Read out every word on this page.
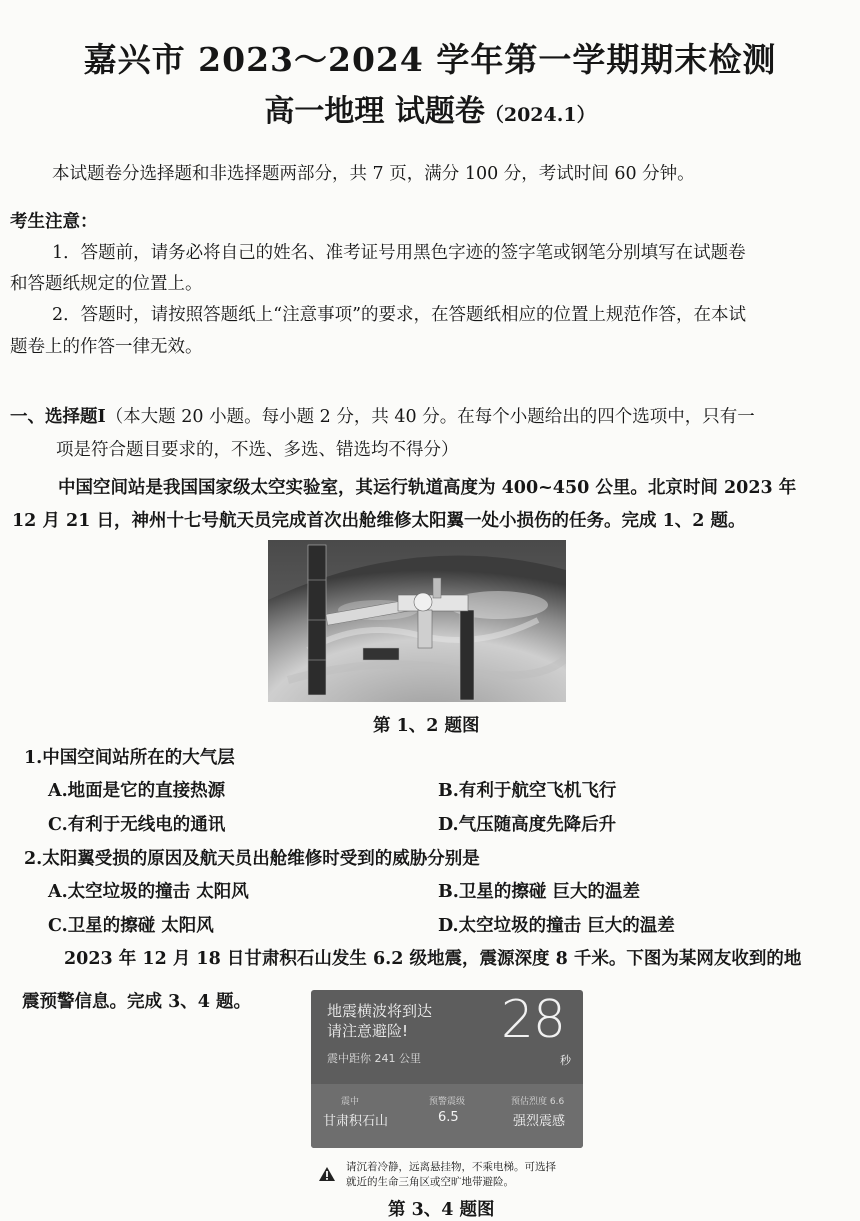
嘉兴市 2023～2024 学年第一学期期末检测
高一地理 试题卷（2024.1）
本试题卷分选择题和非选择题两部分，共 7 页，满分 100 分，考试时间 60 分钟。
考生注意：
1．答题前，请务必将自己的姓名、准考证号用黑色字迹的签字笔或钢笔分别填写在试题卷
和答题纸规定的位置上。
2．答题时，请按照答题纸上“注意事项”的要求，在答题纸相应的位置上规范作答，在本试
题卷上的作答一律无效。
一、选择题Ⅰ（本大题 20 小题。每小题 2 分，共 40 分。在每个小题给出的四个选项中，只有一
项是符合题目要求的，不选、多选、错选均不得分）
中国空间站是我国国家级太空实验室，其运行轨道高度为 400~450 公里。北京时间 2023 年
12 月 21 日，神州十七号航天员完成首次出舱维修太阳翼一处小损伤的任务。完成 1、2 题。
第 1、2 题图
1.中国空间站所在的大气层
A.地面是它的直接热源	B.有利于航空飞机飞行
C.有利于无线电的通讯	D.气压随高度先降后升
2.太阳翼受损的原因及航天员出舱维修时受到的威胁分别是
A.太空垃圾的撞击 太阳风	B.卫星的擦碰 巨大的温差
C.卫星的擦碰 太阳风	D.太空垃圾的撞击 巨大的温差
2023 年 12 月 18 日甘肃积石山发生 6.2 级地震，震源深度 8 千米。下图为某网友收到的地
震预警信息。完成 3、4 题。	地震横波将到达
请注意避险!
震中距你 241 公里
28
秒
震中
甘肃积石山
预警震级
6.5
预估烈度 6.6
强烈震感
请沉着冷静，远离悬挂物，不乘电梯。可选择
就近的生命三角区或空旷地带避险。
第 3、4 题图
